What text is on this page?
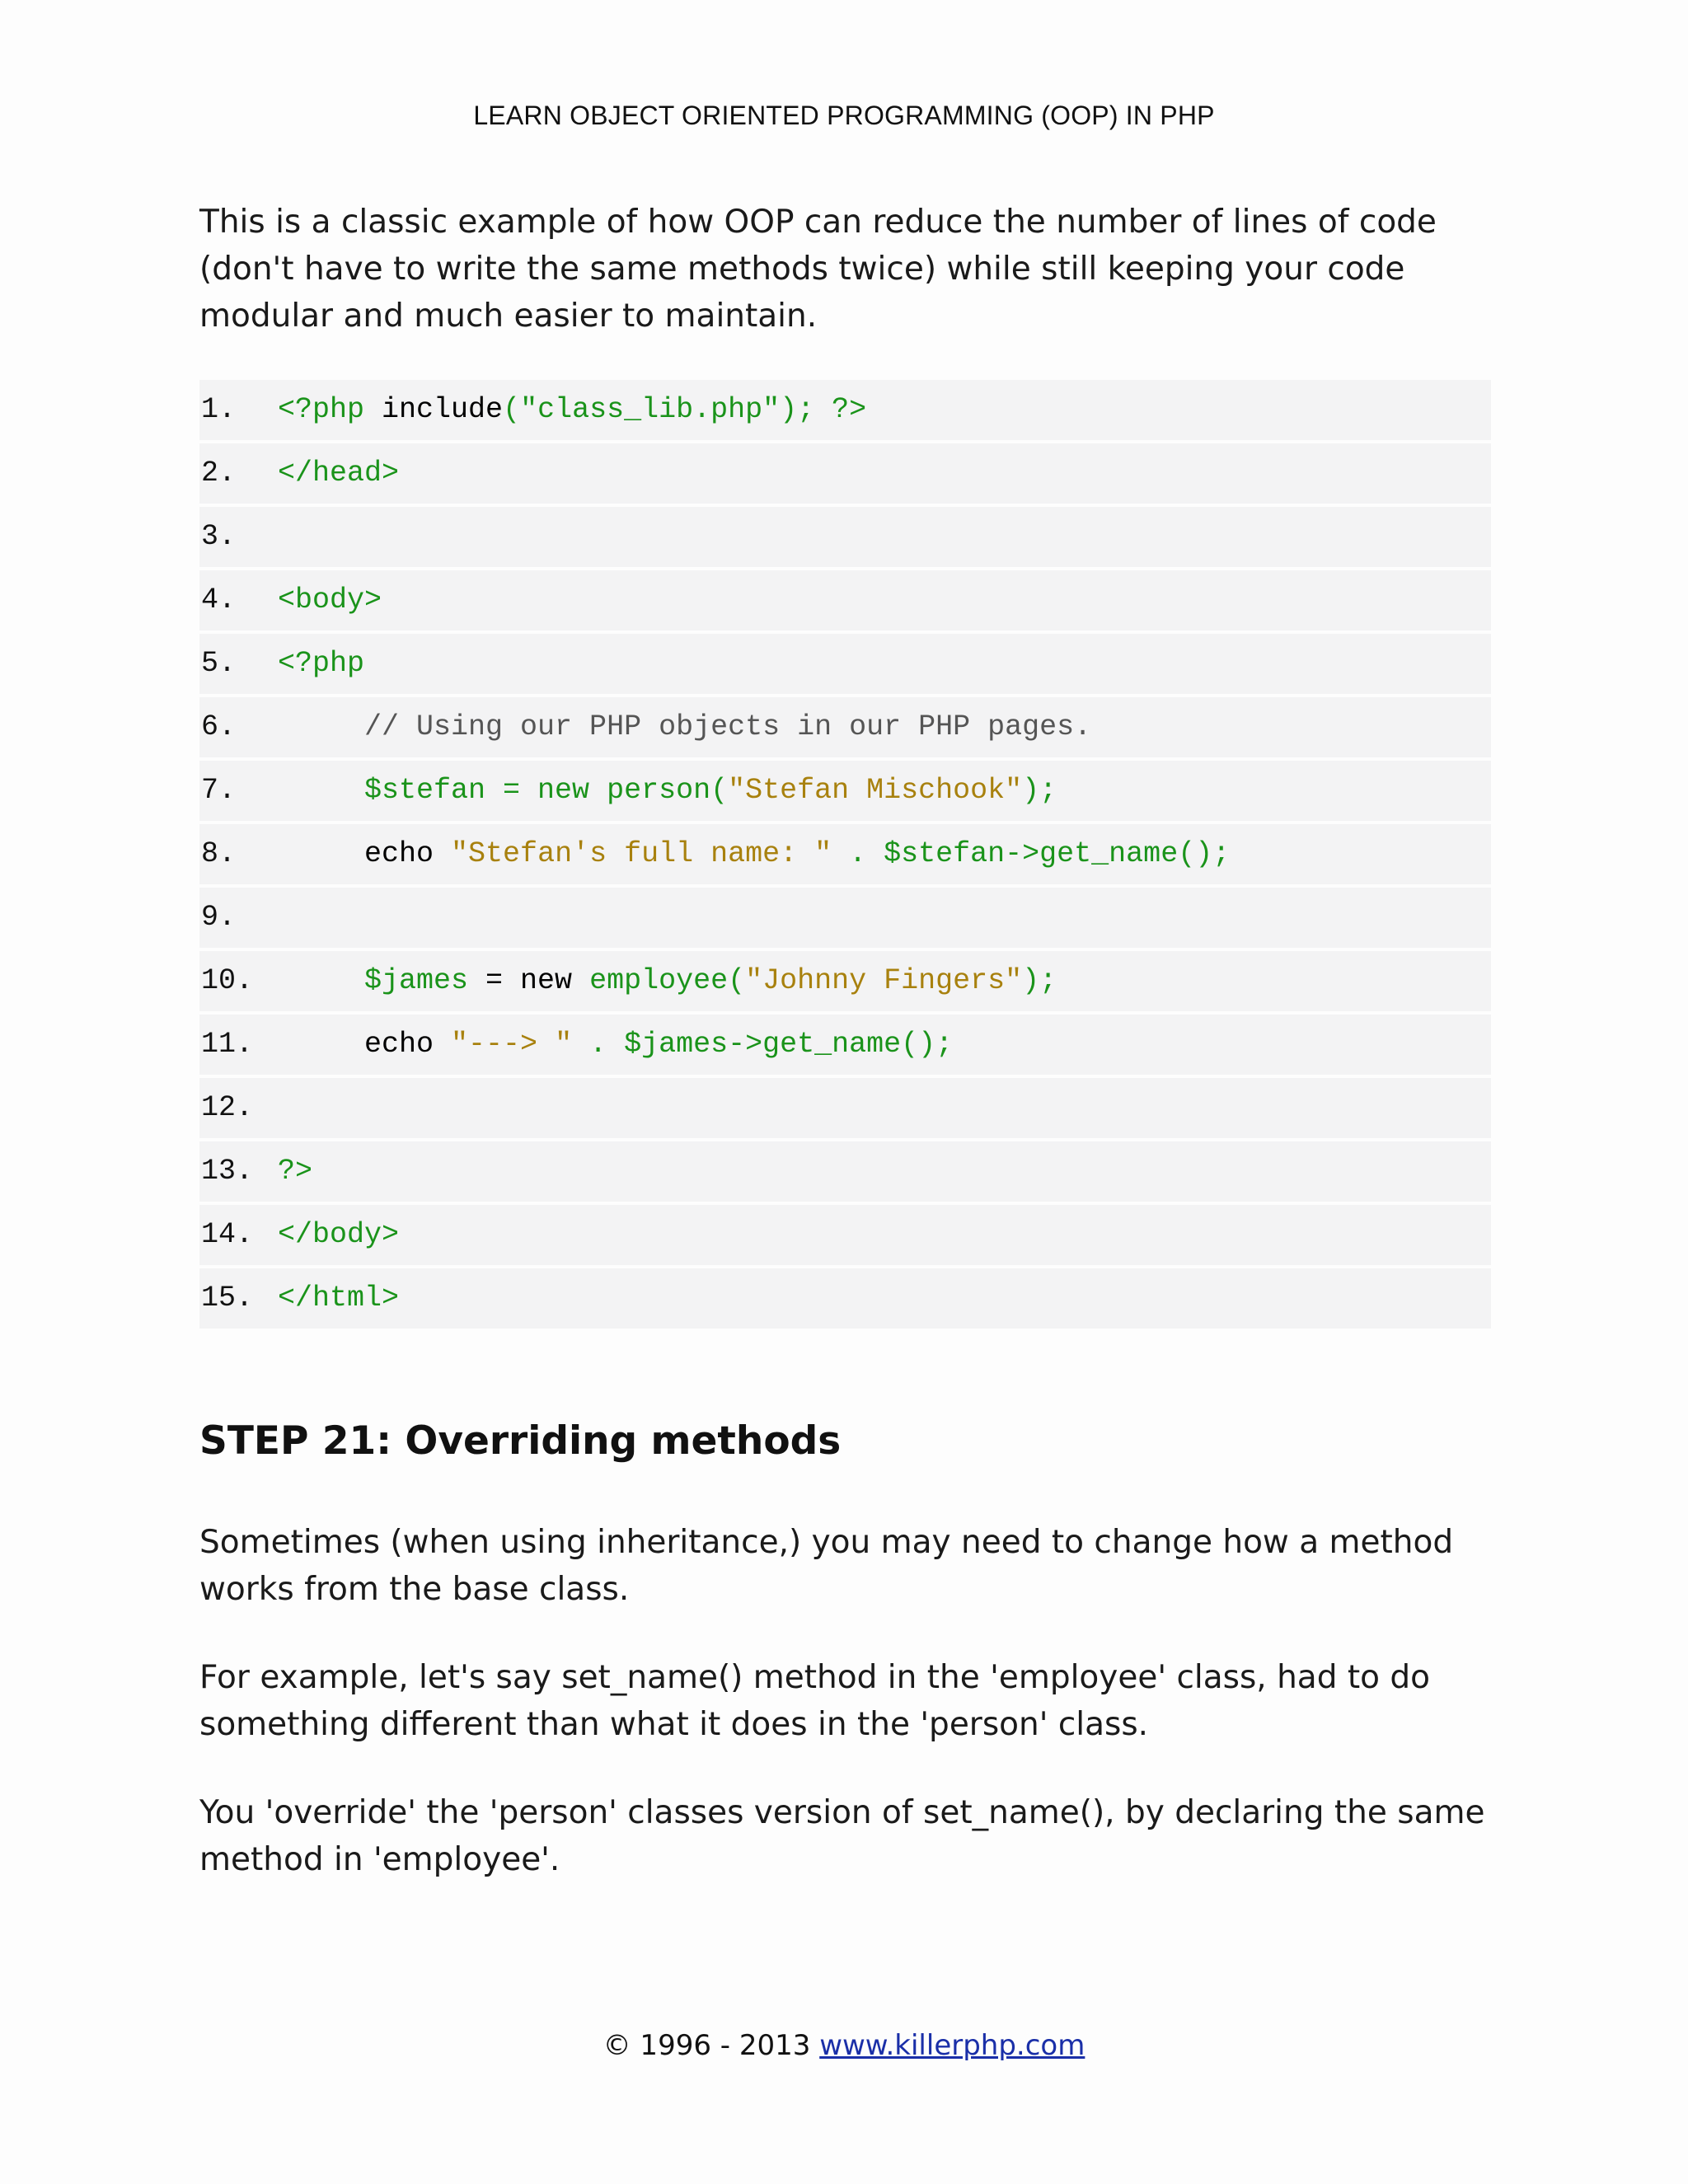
LEARN OBJECT ORIENTED PROGRAMMING (OOP) IN PHP

This is a classic example of how OOP can reduce the number of lines of code (don't have to write the same methods twice) while still keeping your code modular and much easier to maintain.

1.	<?php include("class_lib.php"); ?>
2.	</head>
3.
4.	<body>
5.	<?php
6.	// Using our PHP objects in our PHP pages.
7.	$stefan = new person("Stefan Mischook");
8.	echo "Stefan's full name: " . $stefan->get_name();
9.
10. $james = new employee("Johnny Fingers");
11. echo "---> " . $james->get_name();
12.
13. ?>
14. </body>
15. </html>
STEP 21: Overriding methods

Sometimes (when using inheritance,) you may need to change how a method works from the base class.

For example, let's say set_name() method in the 'employee' class, had to do something different than what it does in the 'person' class.

You 'override' the 'person' classes version of set_name(), by declaring the same method in 'employee'.

© 1996 - 2013 www.killerphp.com
